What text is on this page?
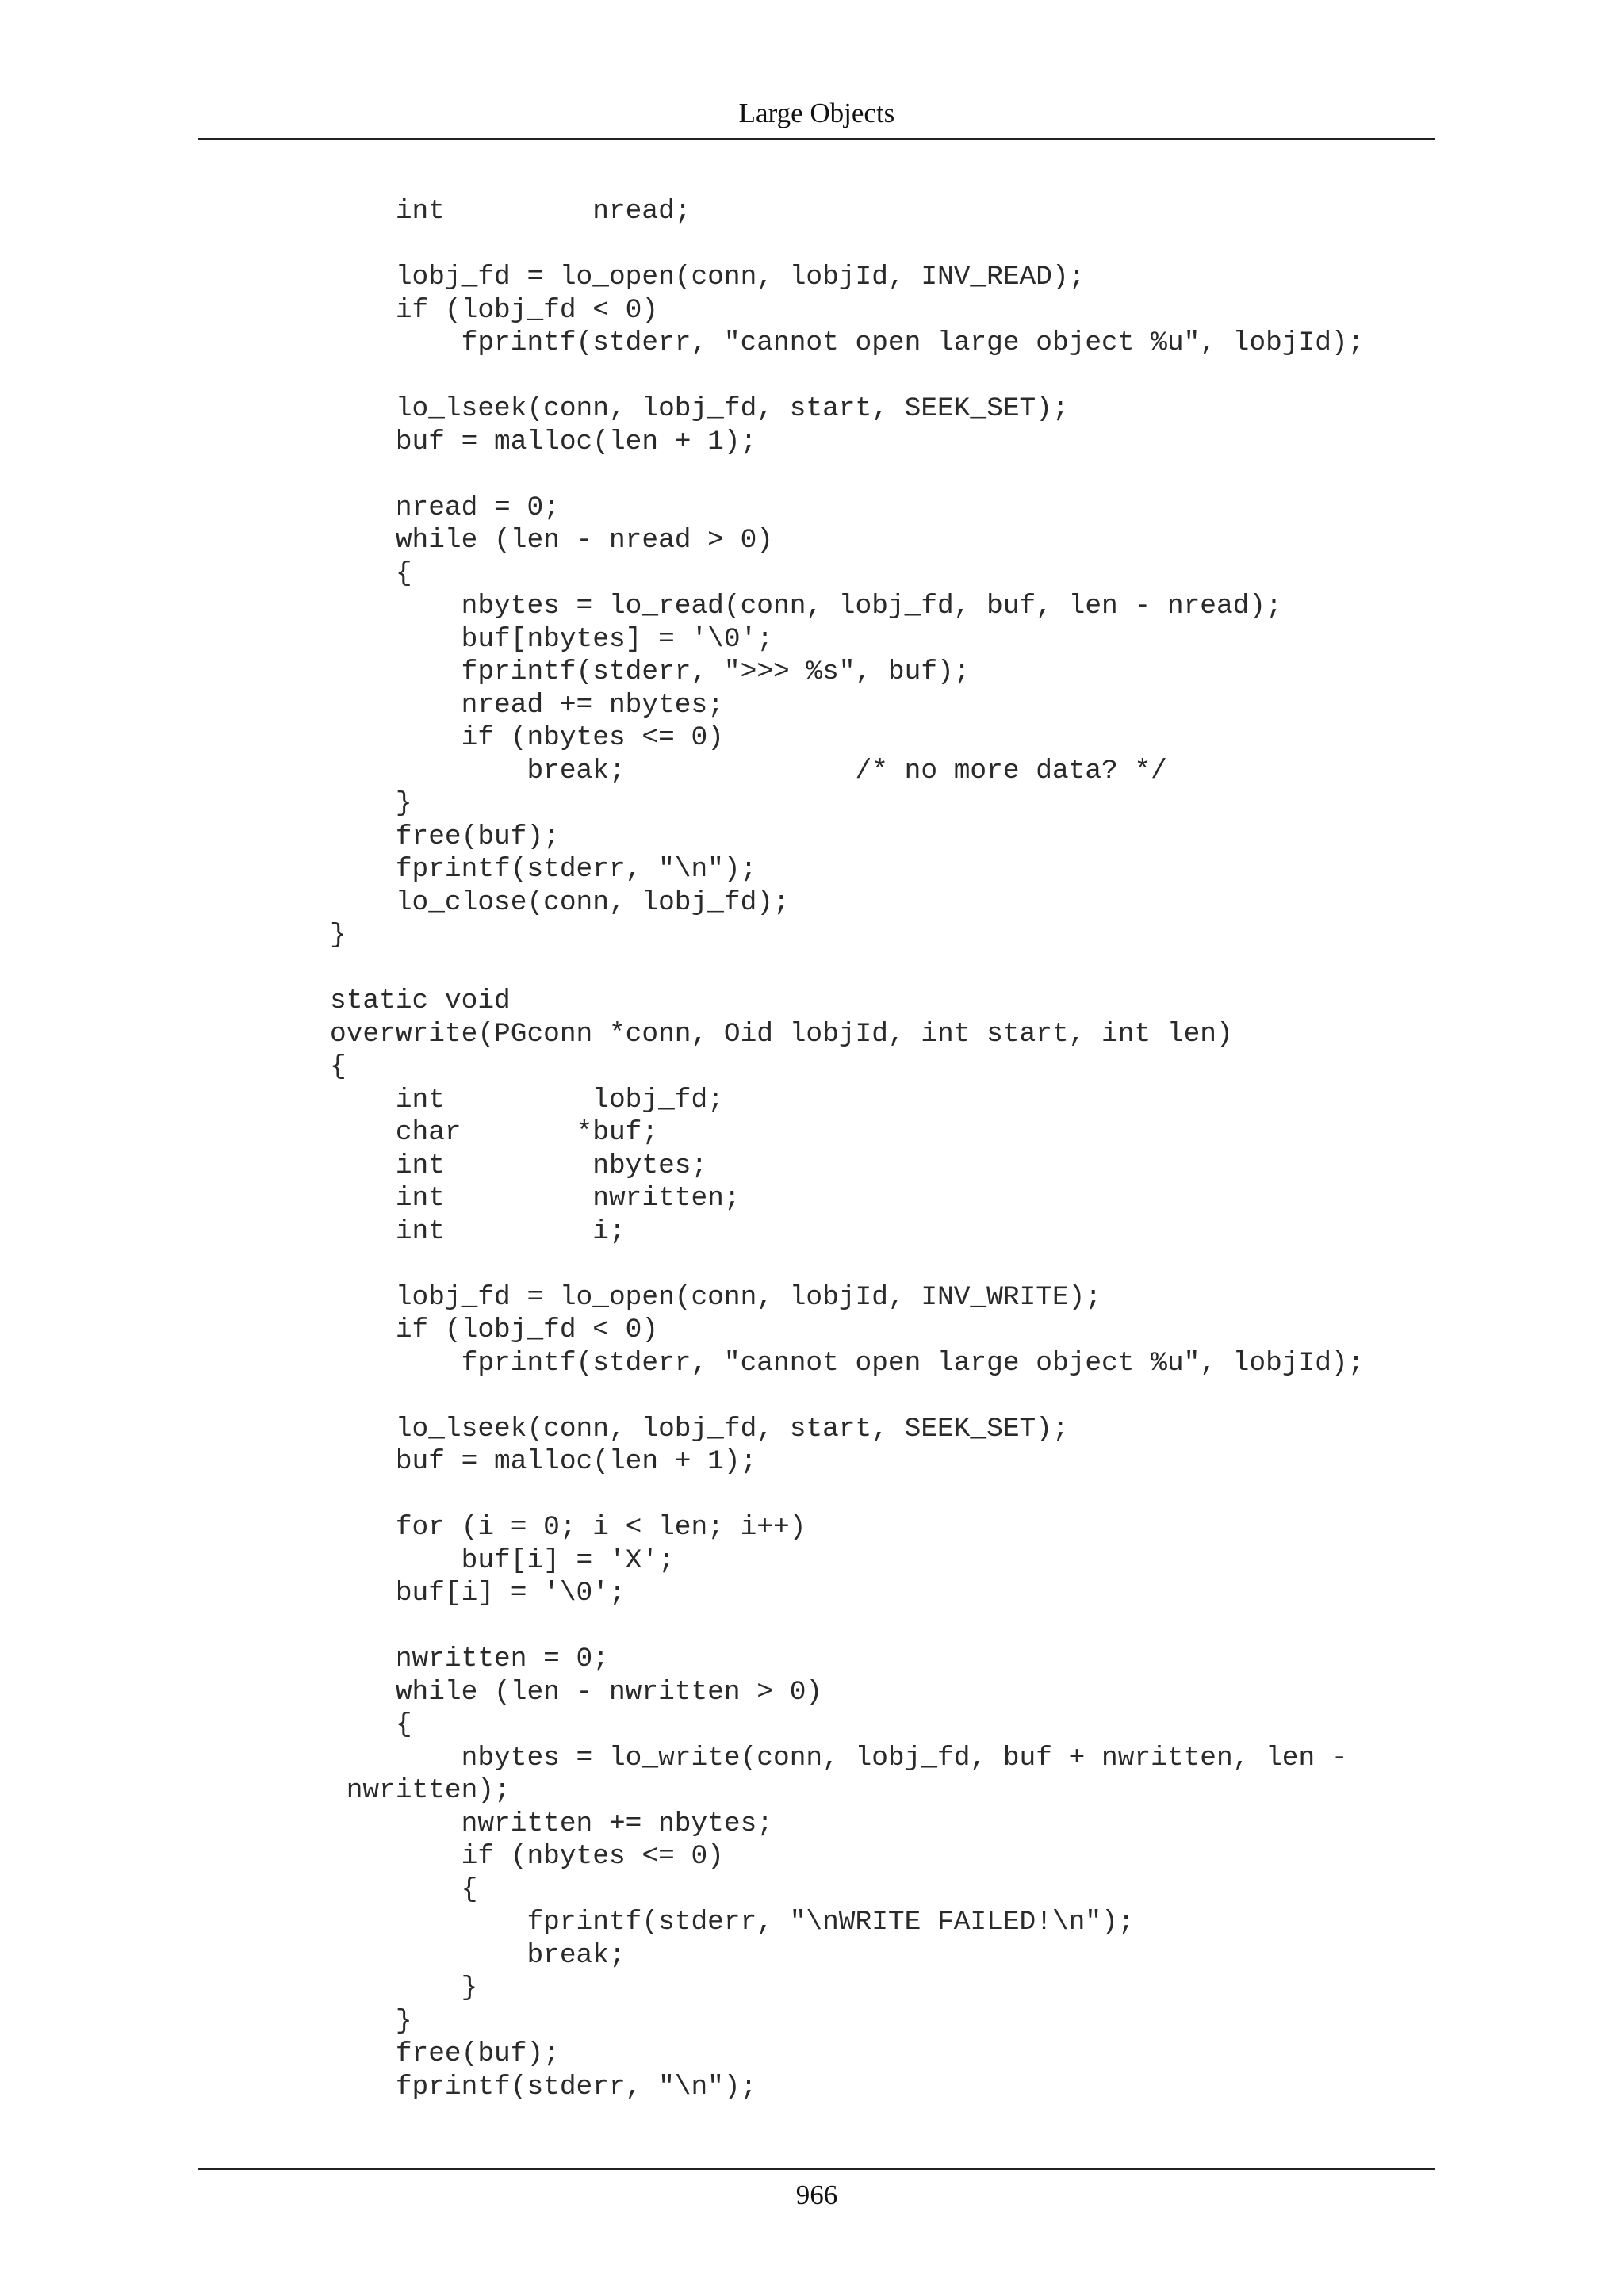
Large Objects
int         nread;
lobj_fd = lo_open(conn, lobjId, INV_READ);
if (lobj_fd < 0)
fprintf(stderr, "cannot open large object %u", lobjId);
lo_lseek(conn, lobj_fd, start, SEEK_SET);
buf = malloc(len + 1);
nread = 0;
while (len - nread > 0)
{
nbytes = lo_read(conn, lobj_fd, buf, len - nread);
buf[nbytes] = '\0';
fprintf(stderr, ">>> %s", buf);
nread += nbytes;
if (nbytes <= 0)
break;              /* no more data? */
}
free(buf);
fprintf(stderr, "\n");
lo_close(conn, lobj_fd);
}
static void
overwrite(PGconn *conn, Oid lobjId, int start, int len)
{
int         lobj_fd;
char       *buf;
int         nbytes;
int         nwritten;
int         i;
lobj_fd = lo_open(conn, lobjId, INV_WRITE);
if (lobj_fd < 0)
fprintf(stderr, "cannot open large object %u", lobjId);
lo_lseek(conn, lobj_fd, start, SEEK_SET);
buf = malloc(len + 1);
for (i = 0; i < len; i++)
buf[i] = 'X';
buf[i] = '\0';
nwritten = 0;
while (len - nwritten > 0)
{
nbytes = lo_write(conn, lobj_fd, buf + nwritten, len -
nwritten);
nwritten += nbytes;
if (nbytes <= 0)
{
fprintf(stderr, "\nWRITE FAILED!\n");
break;
}
}
free(buf);
fprintf(stderr, "\n");
966
